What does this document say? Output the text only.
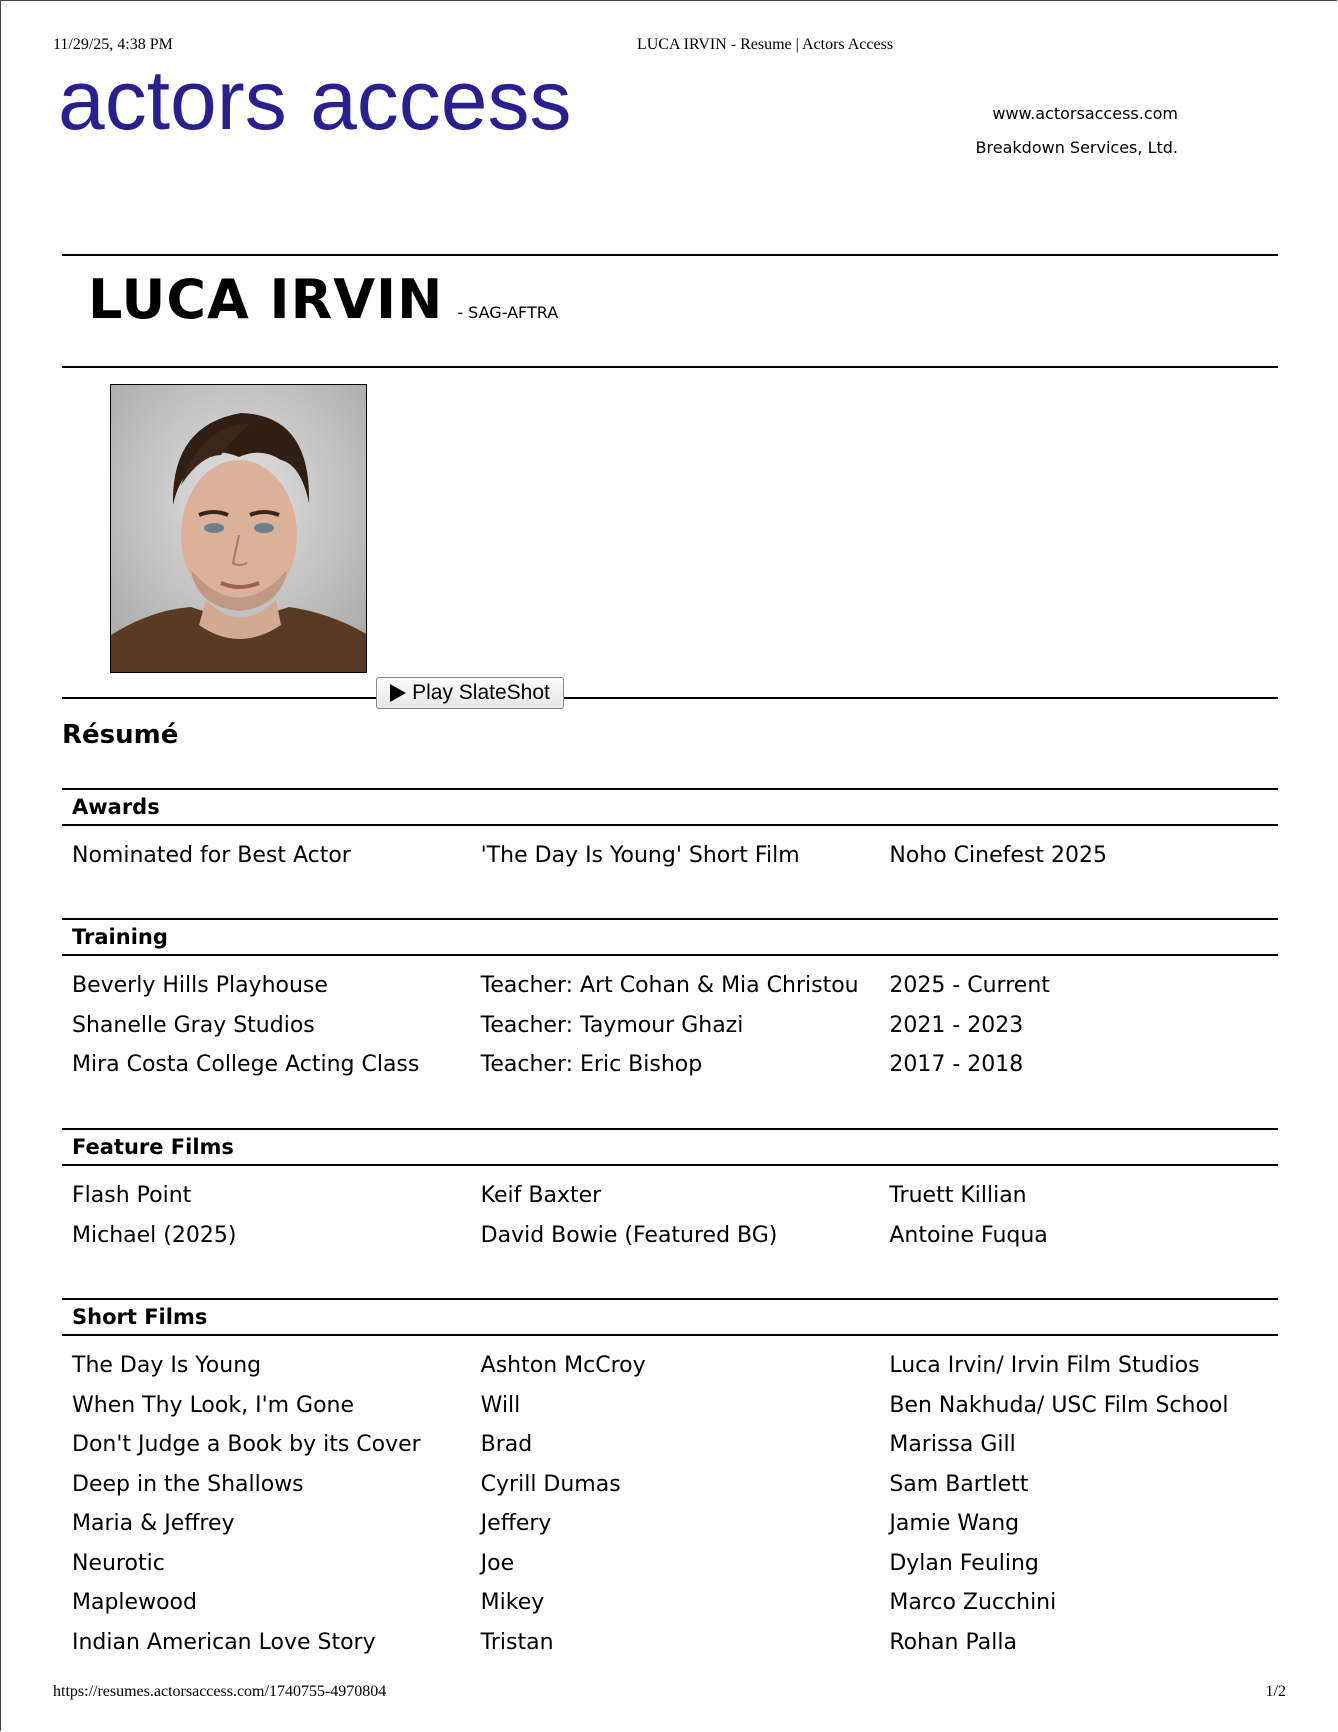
11/29/25, 4:38 PM	LUCA IRVIN - Resume | Actors Access
actors access	www.actorsaccess.com
Breakdown Services, Ltd.
LUCA IRVIN - SAG-AFTRA
Play SlateShot
Résumé
Awards
Nominated for Best Actor	'The Day Is Young' Short Film	Noho Cinefest 2025
Training
Beverly Hills Playhouse	Teacher: Art Cohan & Mia Christou	2025 - Current
Shanelle Gray Studios	Teacher: Taymour Ghazi	2021 - 2023
Mira Costa College Acting Class	Teacher: Eric Bishop	2017 - 2018
Feature Films
Flash Point	Keif Baxter	Truett Killian
Michael (2025)	David Bowie (Featured BG)	Antoine Fuqua
Short Films
The Day Is Young	Ashton McCroy	Luca Irvin/ Irvin Film Studios
When Thy Look, I'm Gone	Will	Ben Nakhuda/ USC Film School
Don't Judge a Book by its Cover	Brad	Marissa Gill
Deep in the Shallows	Cyrill Dumas	Sam Bartlett
Maria & Jeffrey	Jeffery	Jamie Wang
Neurotic	Joe	Dylan Feuling
Maplewood	Mikey	Marco Zucchini
Indian American Love Story	Tristan	Rohan Palla
https://resumes.actorsaccess.com/1740755-4970804	1/2
